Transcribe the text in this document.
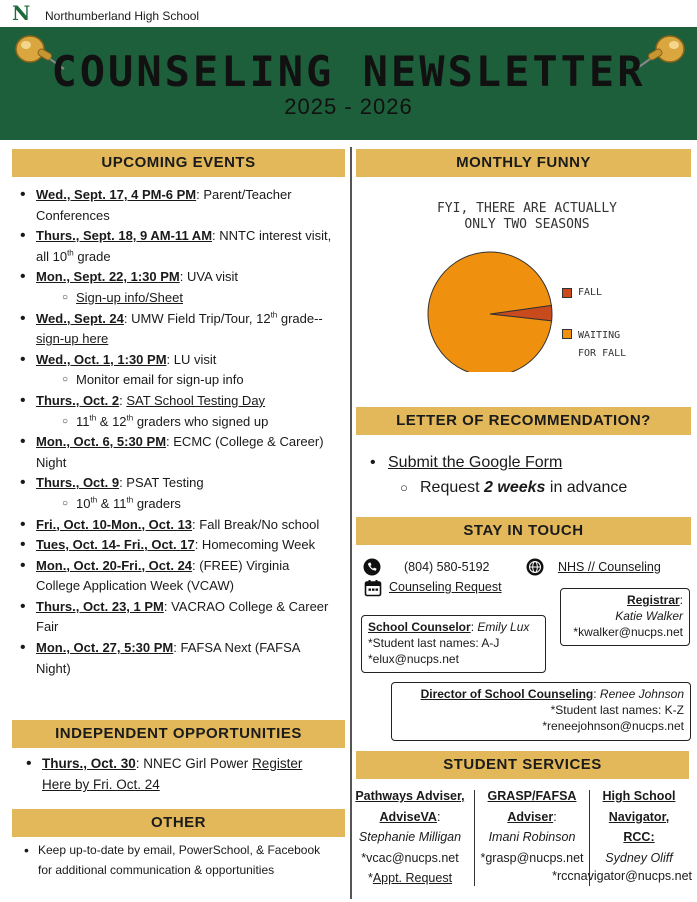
N Northumberland High School
COUNSELING NEWSLETTER
2025 - 2026
UPCOMING EVENTS
• Wed., Sept. 17, 4 PM-6 PM: Parent/Teacher Conferences
• Thurs., Sept. 18, 9 AM-11 AM: NNTC interest visit, all 10th grade
• Mon., Sept. 22, 1:30 PM: UVA visit
○ Sign-up info/Sheet
• Wed., Sept. 24: UMW Field Trip/Tour, 12th grade-- sign-up here
• Wed., Oct. 1, 1:30 PM: LU visit
○ Monitor email for sign-up info
• Thurs., Oct. 2: SAT School Testing Day
○ 11th & 12th graders who signed up
• Mon., Oct. 6, 5:30 PM: ECMC (College & Career) Night
• Thurs., Oct. 9: PSAT Testing
○ 10th & 11th graders
• Fri., Oct. 10-Mon., Oct. 13: Fall Break/No school
• Tues, Oct. 14- Fri., Oct. 17: Homecoming Week
• Mon., Oct. 20-Fri., Oct. 24: (FREE) Virginia College Application Week (VCAW)
• Thurs., Oct. 23, 1 PM: VACRAO College & Career Fair
• Mon., Oct. 27, 5:30 PM: FAFSA Next (FAFSA Night)
INDEPENDENT OPPORTUNITIES
• Thurs., Oct. 30: NNEC Girl Power Register Here by Fri. Oct. 24
OTHER
• Keep up-to-date by email, PowerSchool, & Facebook for additional communication & opportunities
MONTHLY FUNNY
FYI, THERE ARE ACTUALLY ONLY TWO SEASONS
FALL
WAITING
FOR FALL
LETTER OF RECOMMENDATION?
• Submit the Google Form
○ Request 2 weeks in advance
STAY IN TOUCH
(804) 580-5192	NHS // Counseling
Counseling Request
School Counselor: Emily Lux
*Student last names: A-J
*elux@nucps.net
Registrar:
Katie Walker
*kwalker@nucps.net
Director of School Counseling: Renee Johnson
*Student last names: K-Z
*reneejohnson@nucps.net
STUDENT SERVICES
Pathways Adviser,
AdviseVA:
Stephanie Milligan
*vcac@nucps.net
*Appt. Request
GRASP/FAFSA
Adviser:
Imani Robinson
*grasp@nucps.net
High School
Navigator,
RCC:
Sydney Oliff
*rccnavigator@nucps.net
